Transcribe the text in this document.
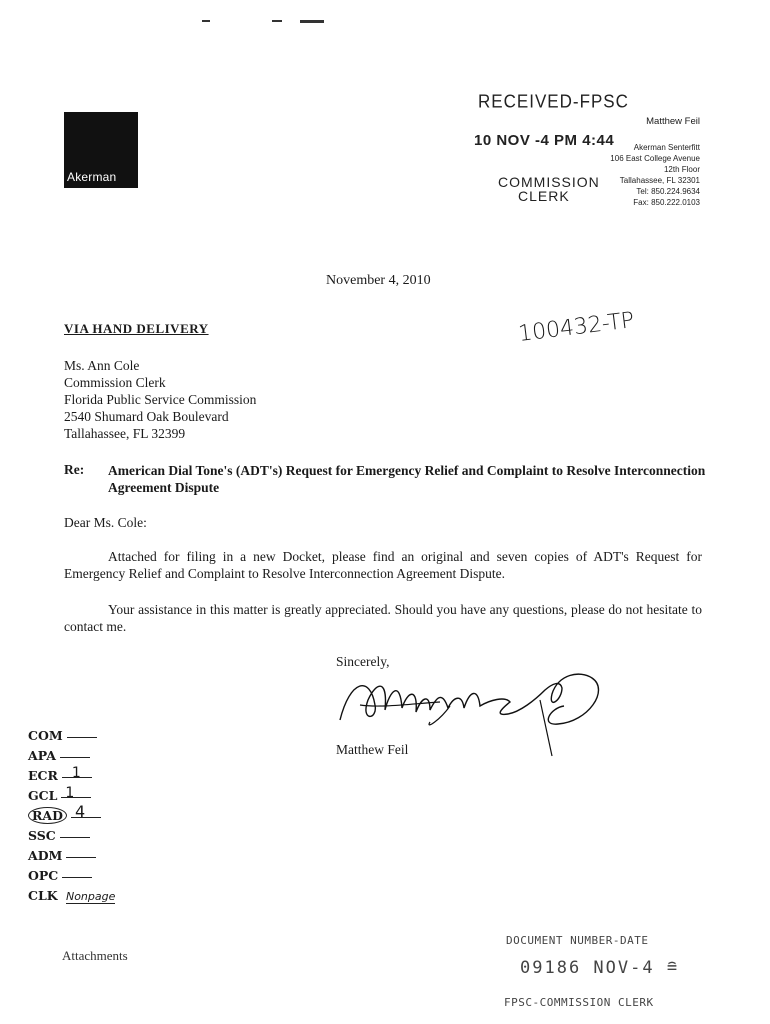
Akerman
RECEIVED-FPSC
10 NOV -4 PM 4:44
COMMISSION
CLERK
Matthew Feil
Akerman Senterfitt
106 East College Avenue
12th Floor
Tallahassee, FL 32301
Tel: 850.224.9634
Fax: 850.222.0103
November 4, 2010
VIA HAND DELIVERY	100432-TP
Ms. Ann Cole
Commission Clerk
Florida Public Service Commission
2540 Shumard Oak Boulevard
Tallahassee, FL 32399
Re: American Dial Tone's (ADT's) Request for Emergency Relief and Complaint to Resolve Interconnection Agreement Dispute
Dear Ms. Cole:
Attached for filing in a new Docket, please find an original and seven copies of ADT's Request for Emergency Relief and Complaint to Resolve Interconnection Agreement Dispute.
Your assistance in this matter is greatly appreciated. Should you have any questions, please do not hesitate to contact me.
Sincerely,
Matthew Feil
COM
APA
ECR 1
GCL 1
RAD 4
SSC
ADM
OPC
CLK Nonpage
Attachments
DOCUMENT NUMBER-DATE
09186 NOV-4 ≘
FPSC-COMMISSION CLERK
